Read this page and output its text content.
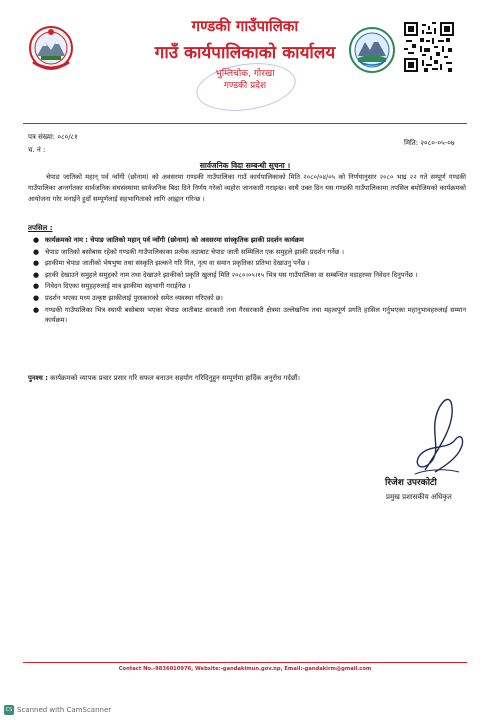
गण्डकी गाउँपालिका
गाउँ कार्यपालिकाको कार्यालय
भुम्लिचोक, गोरखा
गण्डकी प्रदेश
पत्र संख्या: ०८०/८१
च. नं :
मिति: २०८०-०५-०७
सार्वजनिक विदा सम्बन्धी सूचना ।
चेपाङ जातिको महान् पर्व न्वाँगी (छोनाम) को अवसरमा गण्डकी गाउँपालिका गाउँ कार्यपालिकाको मिति २०८०/०४/०५ को निर्णयानुसार २०८० भाद्र २२ गते सम्पूर्ण गण्डकी गाउँपालिका अन्तर्गतका सार्वजनिक संघसंस्थामा सार्वजनिक बिदा दिने निर्णय गरेको व्यहोरा जानकारी गराइन्छ। साथै उक्त दिन यस गण्डकी गाउँपालिकामा तपसिल बमोजिमको कार्यक्रमको आयोजना गरेर मनाईने हुदाँ सम्पूर्णलाई सहभागिताको लागि आह्वान गरिन्छ ।
तपसिल :
● कार्यक्रमको नाम : चेपाङ जातिको महान् पर्व न्वाँगी (छोनाम) को अवसरमा सांस्कृतिक झाकी प्रदर्शन कार्यक्रम
● चेपाङ जातिको बसोबास रहेको गण्डकी गाउँपालिकाका प्रत्येक वडाबाट चेपाङ जाती सम्मिलित एक समुहले झाकी प्रदर्शन गर्नेछ ।
● झाकीमा चेपाङ जातीको भेषभुषा तथा संस्कृति झल्कने गरि गित, नृत्य वा समान प्रकृतिका प्रतिभा देखाउनु पर्नेछ ।
● झाकी देखाउने समुहले समुहको नाम तथा देखाउने झाकीको प्रकृति खुलाई मिति २०८०।०५।१५ भित्र यस गाउँपालिका वा सम्बन्धित वडाहरुमा निवेदन दिनुपर्नेछ ।
● निवेदन दिएका समुहहरुलाई मात्र झाकीमा सहभागी गराईनेछ ।
● प्रदर्शन भएका मध्य उत्कृष्ट झाकीलाई पुरस्कारको समेत व्यवस्था गरिएको छ।
● गण्डकी गाउँपालिका भित्र स्थायी बसोबास भएका चेपाङ जातीबाट सरकारी तथा गैरसरकारी क्षेत्रमा उल्लेखनिय तथा महत्वपूर्ण प्रगति हासिल गर्नुभएका महानुभावहरुलाई सम्मान कार्यक्रम।
पुनश्च : कार्यक्रमको व्यापक प्रचार प्रसार गरि सफल बनाउन सहयोग गरिदिनुहुन सम्पूर्णमा हार्दिक अनुरोध गर्दछौं।
रिजेश उपरकोटी
प्रमुख प्रशासकीय अधिकृत
Contact No.-9836010976, Website:-gandakimun.gov.np, Email:-gandakirm@gmail.com
CS Scanned with CamScanner
